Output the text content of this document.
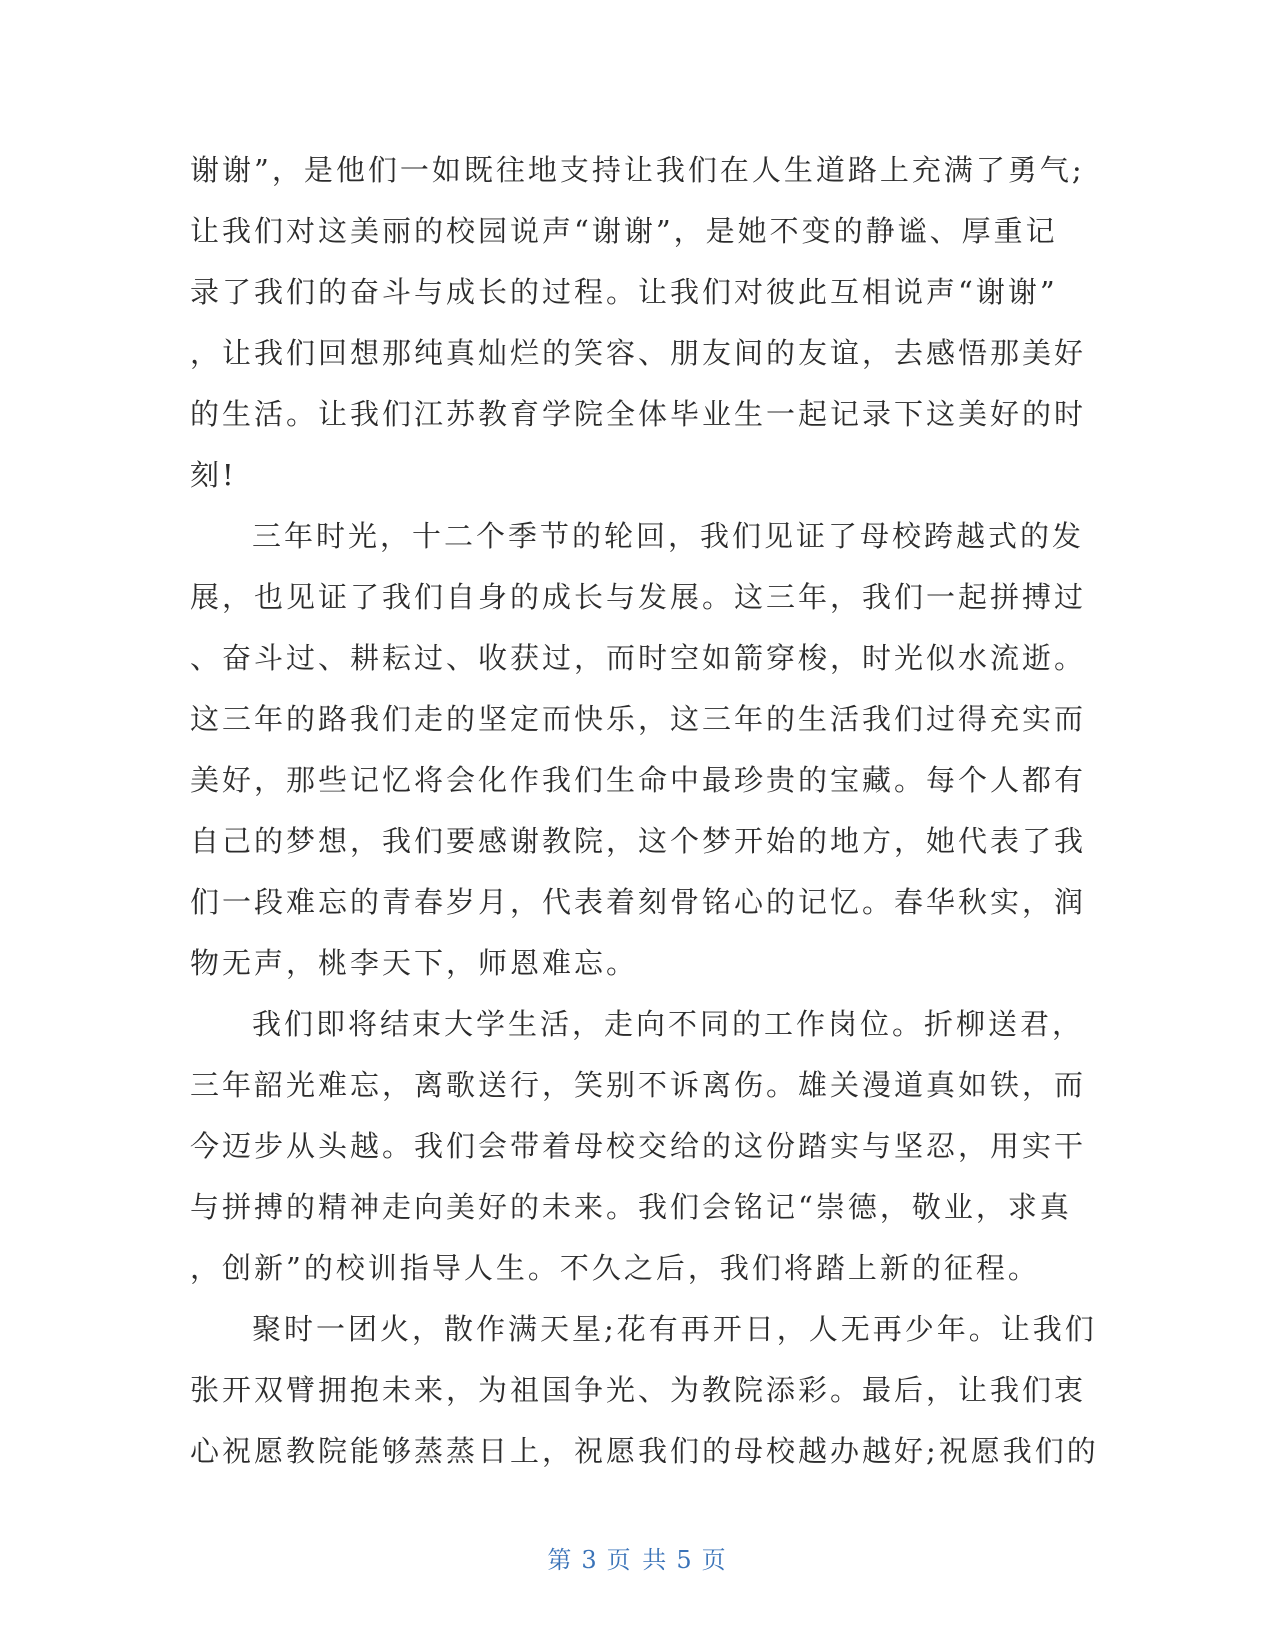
谢谢”，是他们一如既往地支持让我们在人生道路上充满了勇气;
让我们对这美丽的校园说声“谢谢”，是她不变的静谧、厚重记
录了我们的奋斗与成长的过程。让我们对彼此互相说声“谢谢”
，让我们回想那纯真灿烂的笑容、朋友间的友谊，去感悟那美好
的生活。让我们江苏教育学院全体毕业生一起记录下这美好的时
刻!
三年时光，十二个季节的轮回，我们见证了母校跨越式的发
展，也见证了我们自身的成长与发展。这三年，我们一起拼搏过
、奋斗过、耕耘过、收获过，而时空如箭穿梭，时光似水流逝。
这三年的路我们走的坚定而快乐，这三年的生活我们过得充实而
美好，那些记忆将会化作我们生命中最珍贵的宝藏。每个人都有
自己的梦想，我们要感谢教院，这个梦开始的地方，她代表了我
们一段难忘的青春岁月，代表着刻骨铭心的记忆。春华秋实，润
物无声，桃李天下，师恩难忘。
我们即将结束大学生活，走向不同的工作岗位。折柳送君，
三年韶光难忘，离歌送行，笑别不诉离伤。雄关漫道真如铁，而
今迈步从头越。我们会带着母校交给的这份踏实与坚忍，用实干
与拼搏的精神走向美好的未来。我们会铭记“崇德，敬业，求真
，创新”的校训指导人生。不久之后，我们将踏上新的征程。
聚时一团火，散作满天星;花有再开日，人无再少年。让我们
张开双臂拥抱未来，为祖国争光、为教院添彩。最后，让我们衷
心祝愿教院能够蒸蒸日上，祝愿我们的母校越办越好;祝愿我们的
第 3 页 共 5 页
